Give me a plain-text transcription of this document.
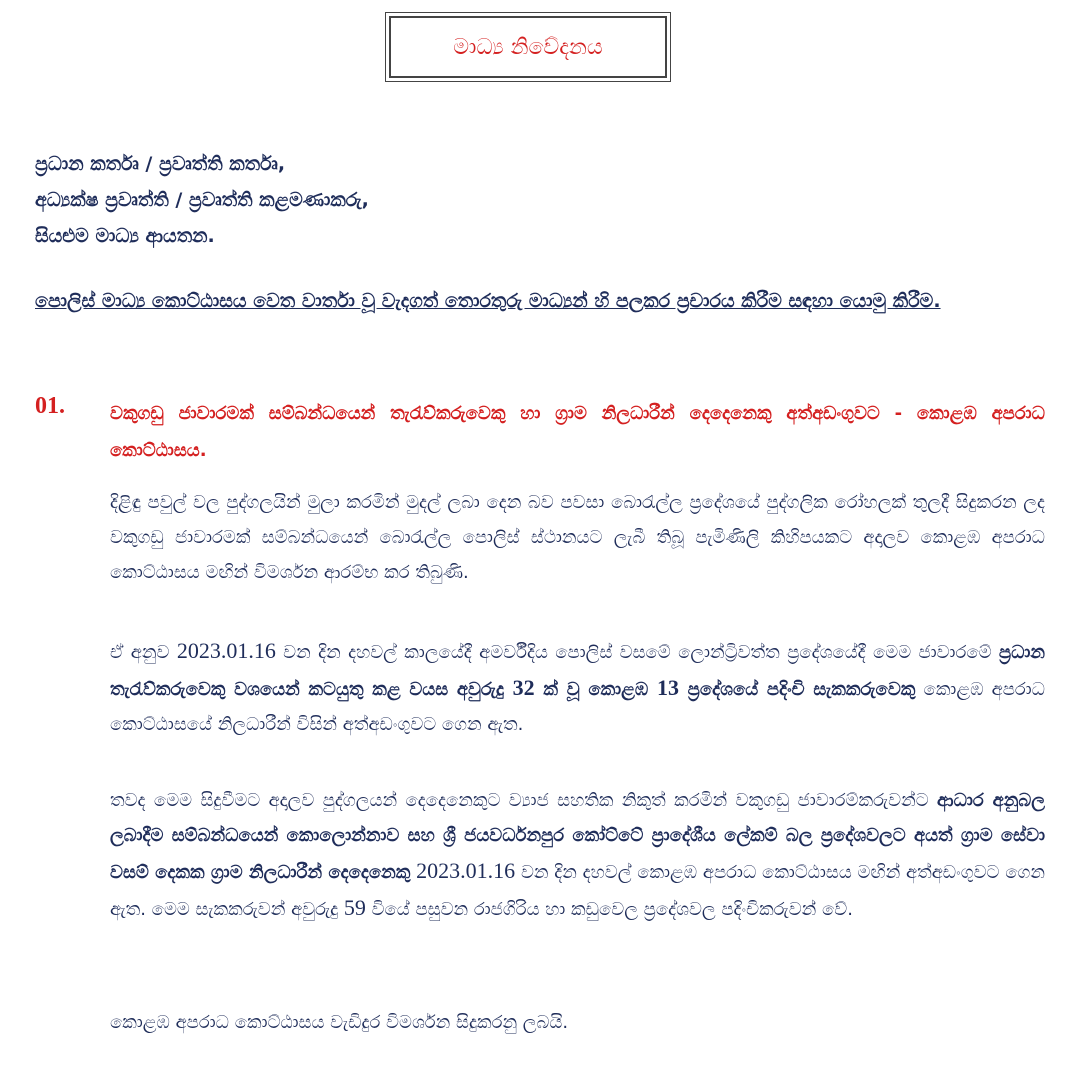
මාධ්‍ය නිවේදනය
ප්‍රධාන කර්තෘ / ප්‍රවෘත්ති කර්තෘ,
අධ්‍යක්ෂ ප්‍රවෘත්ති / ප්‍රවෘත්ති කළමණාකරු,
සියළුම මාධ්‍ය ආයතන.
පොලිස් මාධ්‍ය කොට්ඨාසය වෙත වාර්තා වූ වැදගත් තොරතුරු මාධ්‍යන් හි පලකර ප්‍රචාරය කිරීම සඳහා යොමු කිරීම.
01.	වකුගඩු ජාවාරමක් සම්බන්ධයෙන් තැරැව්කරුවෙකු හා ග්‍රාම නිලධාරීන් දෙදෙනෙකු අත්අඩංගුවට - කොළඹ අපරාධ කොට්ඨාසය.
දිළිඳු පවුල් වල පුද්ගලයින් මුලා කරමින් මුදල් ලබා දෙන බව පවසා බොරැල්ල ප්‍රදේශයේ පුද්ගලික රෝහලක් තුලදී සිදුකරන ලද වකුගඩු ජාවාරමක් සම්බන්ධයෙන් බොරැල්ල පොලිස් ස්ථානයට ලැබී තිබූ පැමිණිලි කිහිපයකට අදාලව කොළඹ අපරාධ කොට්ඨාසය මඟින් විමර්ශන ආරම්භ කර තිබුණි.
ඒ අනුව 2023.01.16 වන දින දහවල් කාලයේදී අමර්වීදිය පොලිස් වසමේ ලොන්ට්‍රිවත්ත ප්‍රදේශයේදී මෙම ජාවාරමේ ප්‍රධාන තැරැව්කරුවෙකු වශයෙන් කටයුතු කළ වයස අවුරුදු 32 ක් වූ කොළඹ 13 ප්‍රදේශයේ පදිංචි සැකකරුවෙකු කොළඹ අපරාධ කොට්ඨාසයේ නිලධාරීන් විසින් අත්අඩංගුවට ගෙන ඇත.
තවද මෙම සිදුවීමට අදාලව පුද්ගලයන් දෙදෙනෙකුට ව්‍යාජ සහතික නිකුත් කරමින් වකුගඩු ජාවාරම්කරුවන්ට ආධාර අනුබල ලබාදීම සම්බන්ධයෙන් කොලොන්නාව සහ ශ්‍රී ජයවර්ධනපුර කෝට්ටේ ප්‍රාදේශීය ලේකම් බල ප්‍රදේශවලට අයත් ග්‍රාම සේවා වසම් දෙකක ග්‍රාම නිලධාරීන් දෙදෙනෙකු 2023.01.16 වන දින දහවල් කොළඹ අපරාධ කොට්ඨාසය මඟින් අත්අඩංගුවට ගෙන ඇත. මෙම සැකකරුවන් අවුරුදු 59 වියේ පසුවන රාජගිරිය හා කඩුවෙල ප්‍රදේශවල පදිංචිකරුවන් වේ.
කොළඹ අපරාධ කොට්ඨාසය වැඩිදුර විමර්ශන සිදුකරනු ලබයි.
